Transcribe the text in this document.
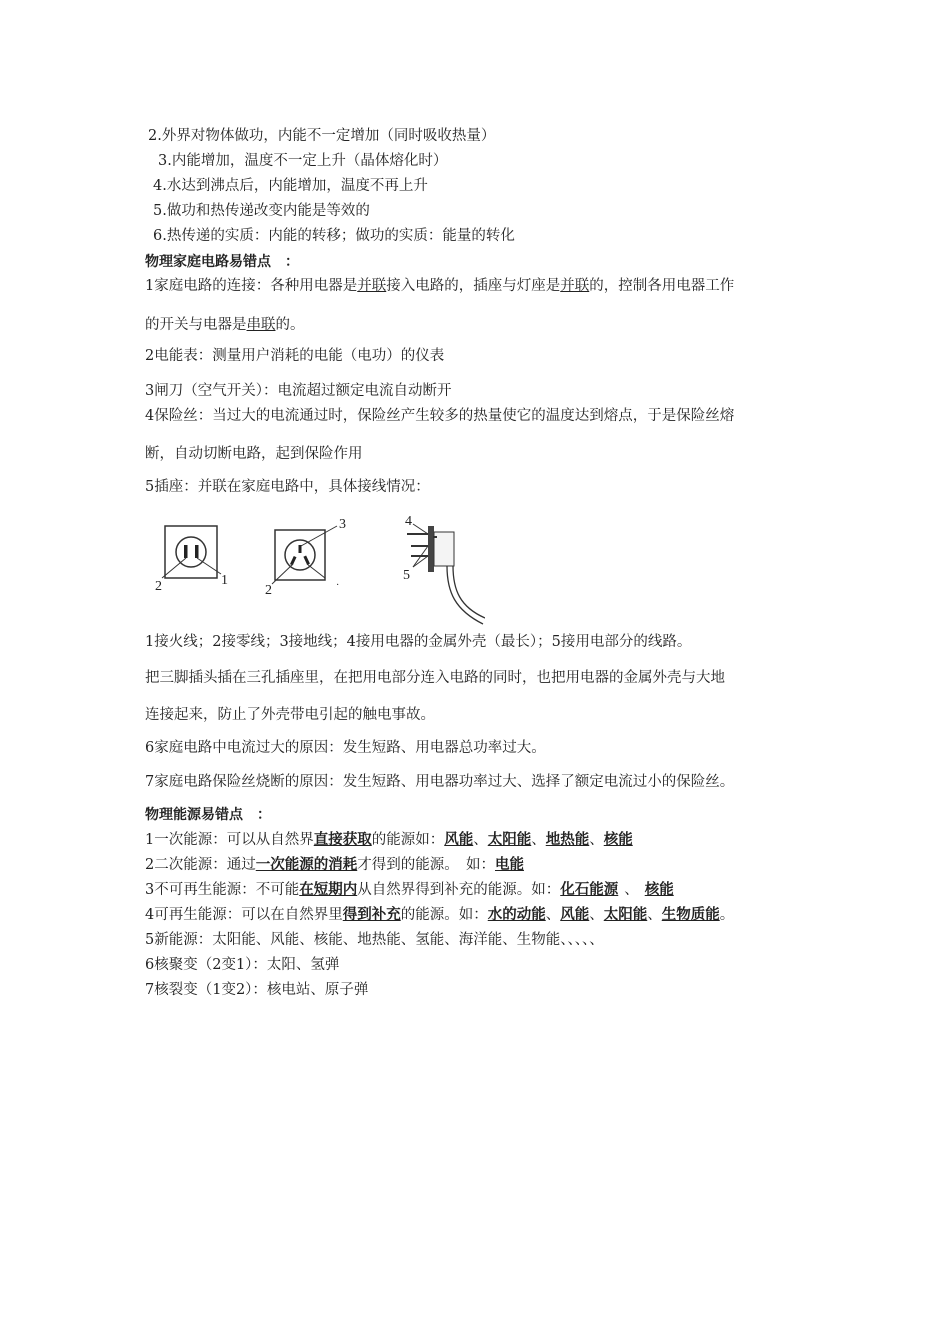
2.外界对物体做功，内能不一定增加（同时吸收热量）
3.内能增加，温度不一定上升（晶体熔化时）
4.水达到沸点后，内能增加，温度不再上升
5.做功和热传递改变内能是等效的
6.热传递的实质：内能的转移；做功的实质：能量的转化
物理家庭电路易错点　：
1家庭电路的连接：各种用电器是并联接入电路的，插座与灯座是并联的，控制各用电器工作
的开关与电器是串联的。
2电能表：测量用户消耗的电能（电功）的仪表
3闸刀（空气开关）：电流超过额定电流自动断开
4保险丝：当过大的电流通过时，保险丝产生较多的热量使它的温度达到熔点，于是保险丝熔
断，自动切断电路，起到保险作用
5插座：并联在家庭电路中，具体接线情况：
2	1
3
2	·
4
5
1接火线；2接零线；3接地线；4接用电器的金属外壳（最长）；5接用电部分的线路。
把三脚插头插在三孔插座里，在把用电部分连入电路的同时，也把用电器的金属外壳与大地
连接起来，防止了外壳带电引起的触电事故。
6家庭电路中电流过大的原因：发生短路、用电器总功率过大。
7家庭电路保险丝烧断的原因：发生短路、用电器功率过大、选择了额定电流过小的保险丝。
物理能源易错点　：
1一次能源：可以从自然界直接获取的能源如：风能、太阳能、地热能、核能
2二次能源：通过一次能源的消耗才得到的能源。　如：电能
3不可再生能源：不可能在短期内从自然界得到补充的能源。如：化石能源 、 核能
4可再生能源：可以在自然界里得到补充的能源。如：水的动能、风能、太阳能、生物质能。
5新能源：太阳能、风能、核能、地热能、氢能、海洋能、生物能、、、、、
6核聚变（2变1）：太阳、氢弹
7核裂变（1变2）：核电站、原子弹
